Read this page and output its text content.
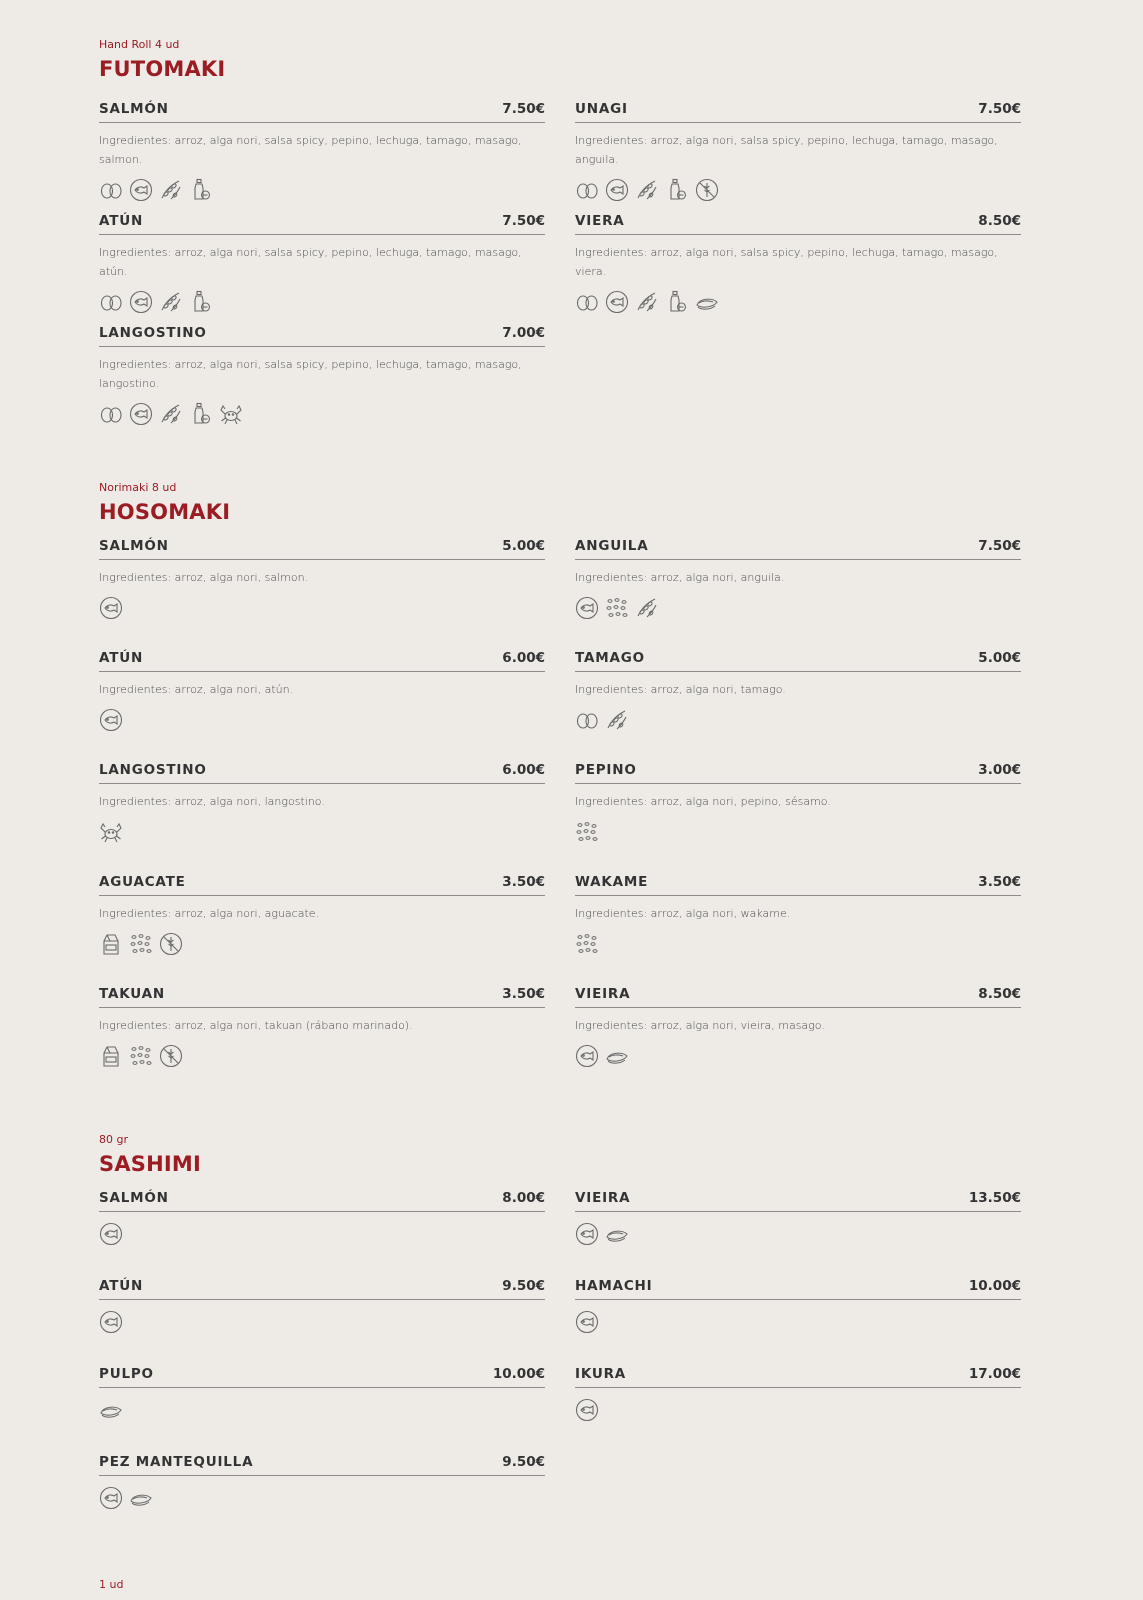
Hand Roll 4 ud
FUTOMAKI
SALMÓN	7.50€
Ingredientes: arroz, alga nori, salsa spicy, pepino, lechuga, tamago, masago, salmon.
UNAGI	7.50€
Ingredientes: arroz, alga nori, salsa spicy, pepino, lechuga, tamago, masago, anguila.
ATÚN	7.50€
Ingredientes: arroz, alga nori, salsa spicy, pepino, lechuga, tamago, masago, atún.
VIERA	8.50€
Ingredientes: arroz, alga nori, salsa spicy, pepino, lechuga, tamago, masago, viera.
LANGOSTINO	7.00€
Ingredientes: arroz, alga nori, salsa spicy, pepino, lechuga, tamago, masago, langostino.
Norimaki 8 ud
HOSOMAKI
SALMÓN	5.00€
Ingredientes: arroz, alga nori, salmon.
ANGUILA	7.50€
Ingredientes: arroz, alga nori, anguila.
ATÚN	6.00€
Ingredientes: arroz, alga nori, atún.
TAMAGO	5.00€
Ingredientes: arroz, alga nori, tamago.
LANGOSTINO	6.00€
Ingredientes: arroz, alga nori, langostino.
PEPINO	3.00€
Ingredientes: arroz, alga nori, pepino, sésamo.
AGUACATE	3.50€
Ingredientes: arroz, alga nori, aguacate.
WAKAME	3.50€
Ingredientes: arroz, alga nori, wakame.
TAKUAN	3.50€
Ingredientes: arroz, alga nori, takuan (rábano marinado).
VIEIRA	8.50€
Ingredientes: arroz, alga nori, vieira, masago.
80 gr
SASHIMI
SALMÓN	8.00€ VIEIRA	13.50€
ATÚN	9.50€ HAMACHI	10.00€
PULPO	10.00€ IKURA	17.00€
PEZ MANTEQUILLA	9.50€
1 ud
